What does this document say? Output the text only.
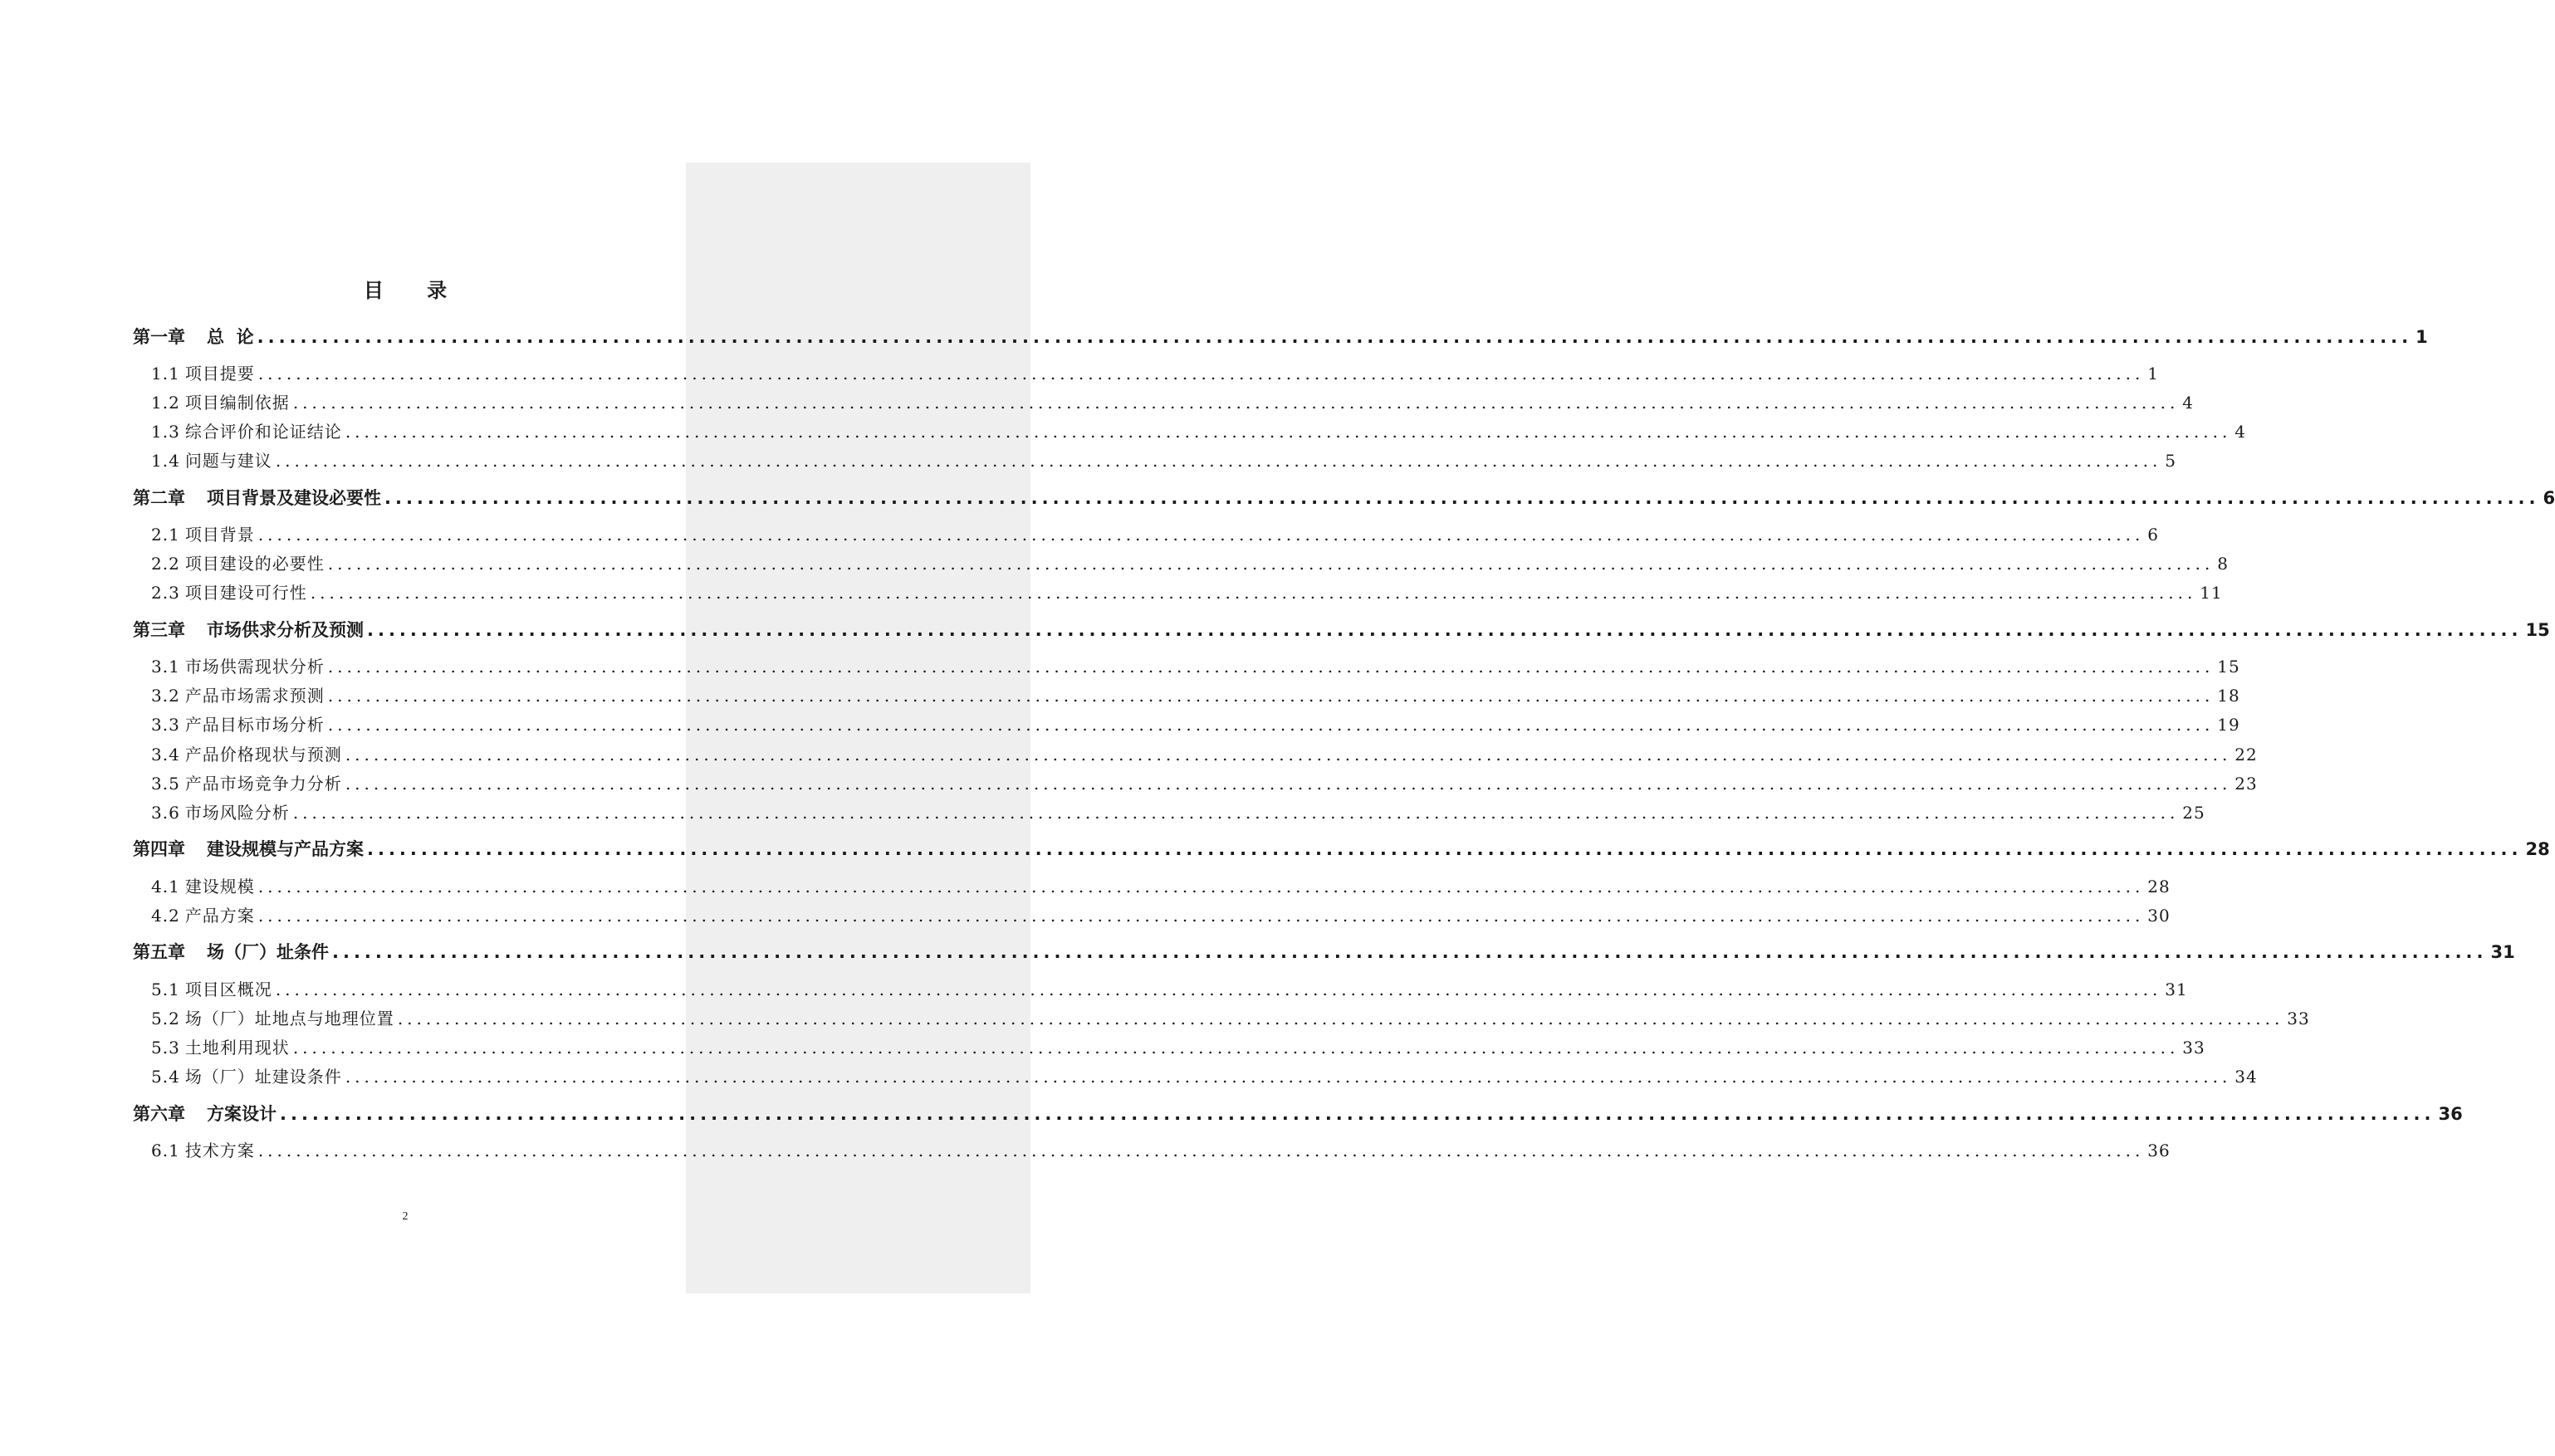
目 录
第一章 总  论 ........................................................................................................................................................................................................ 1
1.1 项目提要 ........................................................................................................................................................................................................ 1
1.2 项目编制依据 ........................................................................................................................................................................................................ 4
1.3 综合评价和论证结论 ........................................................................................................................................................................................................ 4
1.4 问题与建议 ........................................................................................................................................................................................................ 5
第二章 项目背景及建设必要性 ........................................................................................................................................................................................................ 6
2.1 项目背景 ........................................................................................................................................................................................................ 6
2.2 项目建设的必要性 ........................................................................................................................................................................................................ 8
2.3 项目建设可行性 ........................................................................................................................................................................................................ 11
第三章 市场供求分析及预测 ........................................................................................................................................................................................................ 15
3.1 市场供需现状分析 ........................................................................................................................................................................................................ 15
3.2 产品市场需求预测 ........................................................................................................................................................................................................ 18
3.3 产品目标市场分析 ........................................................................................................................................................................................................ 19
3.4 产品价格现状与预测 ........................................................................................................................................................................................................ 22
3.5 产品市场竞争力分析 ........................................................................................................................................................................................................ 23
3.6 市场风险分析 ........................................................................................................................................................................................................ 25
第四章 建设规模与产品方案 ........................................................................................................................................................................................................ 28
4.1 建设规模 ........................................................................................................................................................................................................ 28
4.2 产品方案 ........................................................................................................................................................................................................ 30
第五章 场（厂）址条件 ........................................................................................................................................................................................................ 31
5.1 项目区概况 ........................................................................................................................................................................................................ 31
5.2 场（厂）址地点与地理位置 ........................................................................................................................................................................................................ 33
5.3 土地利用现状 ........................................................................................................................................................................................................ 33
5.4 场（厂）址建设条件 ........................................................................................................................................................................................................ 34
第六章 方案设计 ........................................................................................................................................................................................................ 36
6.1 技术方案 ........................................................................................................................................................................................................ 36
2
